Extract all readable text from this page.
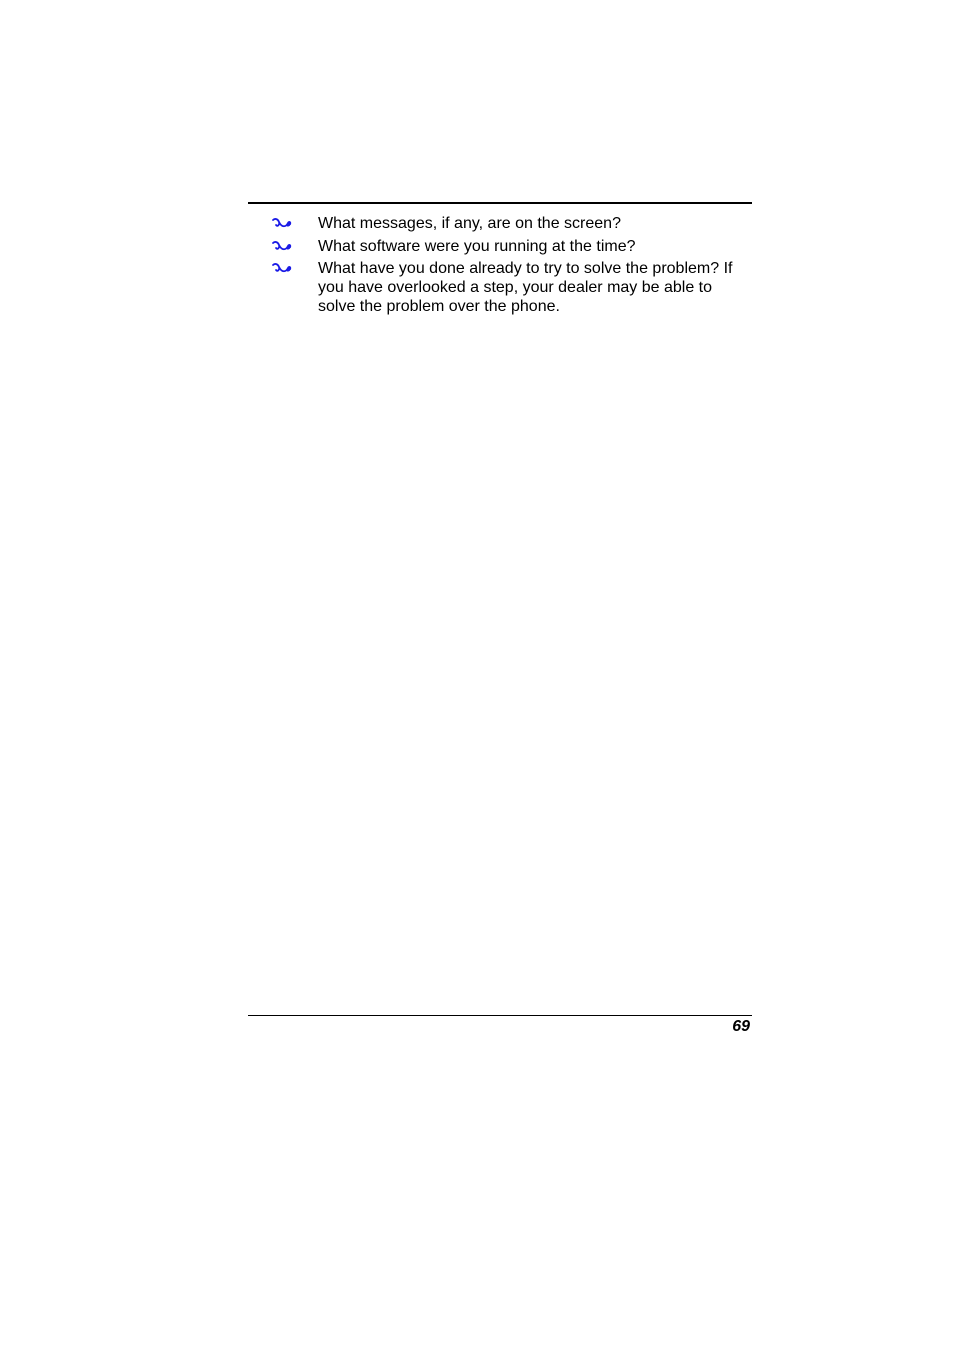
What messages, if any, are on the screen?
What software were you running at the time?
What have you done already to try to solve the problem? If you have overlooked a step, your dealer may be able to solve the problem over the phone.
69
